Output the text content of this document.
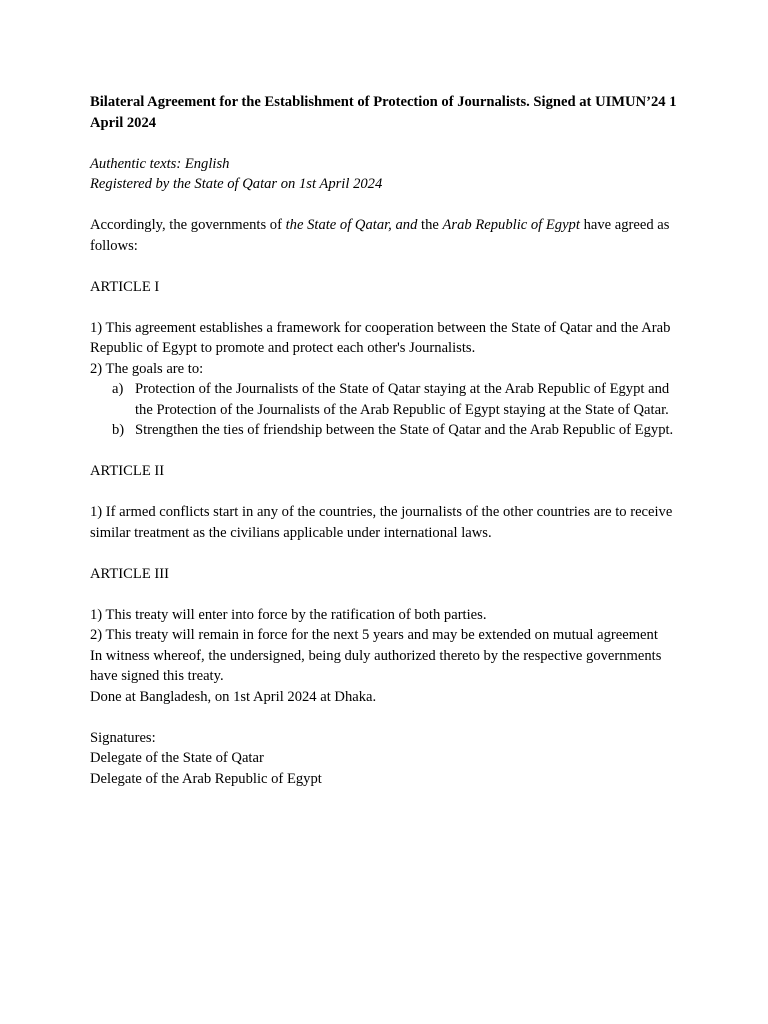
Bilateral Agreement for the Establishment of Protection of Journalists. Signed at UIMUN’24 1 April 2024

Authentic texts: English

Registered by the State of Qatar on 1st April 2024

Accordingly, the governments of the State of Qatar, and the Arab Republic of Egypt have agreed as follows:

ARTICLE I

1) This agreement establishes a framework for cooperation between the State of Qatar and the Arab Republic of Egypt to promote and protect each other's Journalists.

2) The goals are to:

a) Protection of the Journalists of the State of Qatar staying at the Arab Republic of Egypt and the Protection of the Journalists of the Arab Republic of Egypt staying at the State of Qatar.
b) Strengthen the ties of friendship between the State of Qatar and the Arab Republic of Egypt.

ARTICLE II

1) If armed conflicts start in any of the countries, the journalists of the other countries are to receive similar treatment as the civilians applicable under international laws.

ARTICLE III

1) This treaty will enter into force by the ratification of both parties.

2) This treaty will remain in force for the next 5 years and may be extended on mutual agreement

In witness whereof, the undersigned, being duly authorized thereto by the respective governments have signed this treaty.

Done at Bangladesh, on 1st April 2024 at Dhaka.

Signatures:

Delegate of the State of Qatar

Delegate of the Arab Republic of Egypt
